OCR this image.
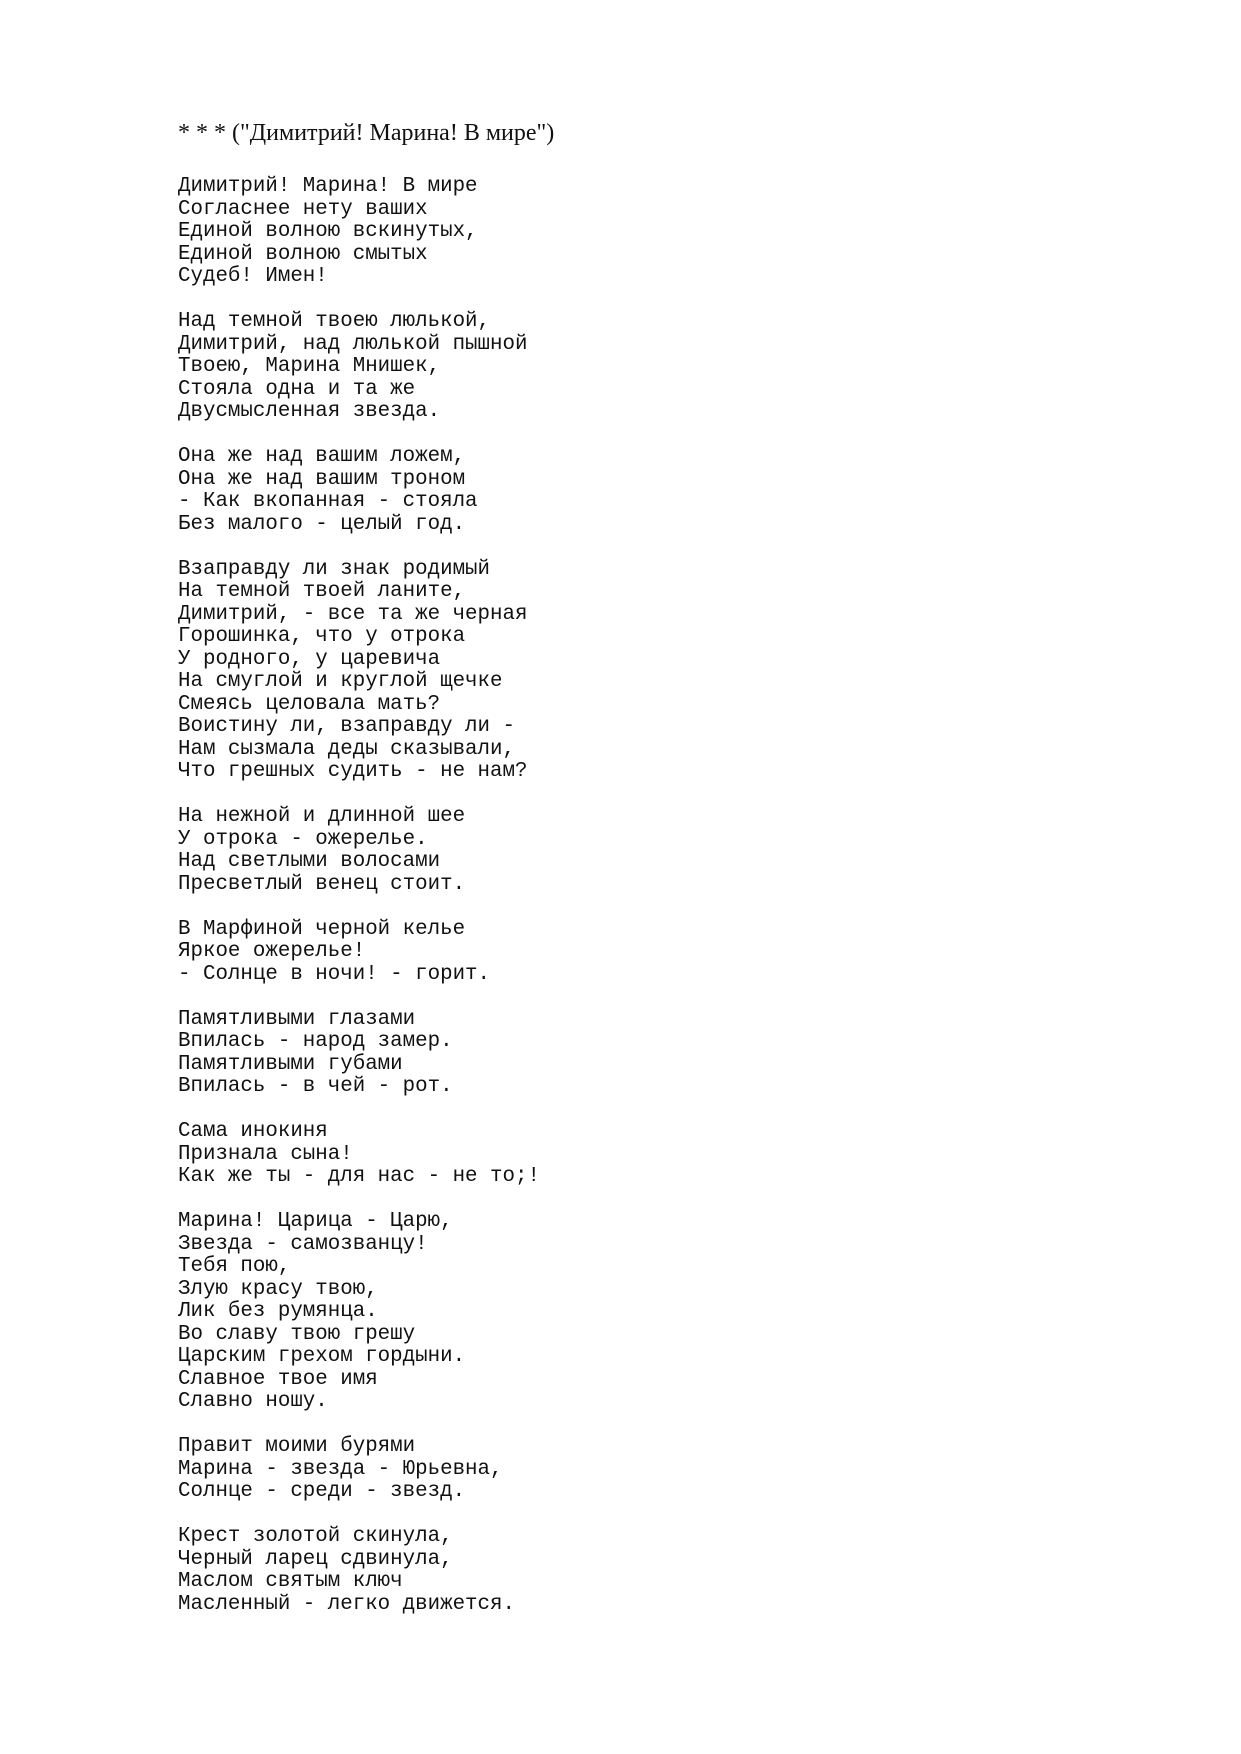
* * * ("Димитрий! Марина! В мире")
Димитрий! Марина! В мире
Согласнее нету ваших
Единой волною вскинутых,
Единой волною смытых
Судеб! Имен!
Над темной твоею люлькой,
Димитрий, над люлькой пышной
Твоею, Марина Мнишек,
Стояла одна и та же
Двусмысленная звезда.
Она же над вашим ложем,
Она же над вашим троном
- Как вкопанная - стояла
Без малого - целый год.
Взаправду ли знак родимый
На темной твоей ланите,
Димитрий, - все та же черная
Горошинка, что у отрока
У родного, у царевича
На смуглой и круглой щечке
Смеясь целовала мать?
Воистину ли, взаправду ли -
Нам сызмала деды сказывали,
Что грешных судить - не нам?
На нежной и длинной шее
У отрока - ожерелье.
Над светлыми волосами
Пресветлый венец стоит.
В Марфиной черной келье
Яркое ожерелье!
- Солнце в ночи! - горит.
Памятливыми глазами
Впилась - народ замер.
Памятливыми губами
Впилась - в чей - рот.
Сама инокиня
Признала сына!
Как же ты - для нас - не то;!
Марина! Царица - Царю,
Звезда - самозванцу!
Тебя пою,
Злую красу твою,
Лик без румянца.
Во славу твою грешу
Царским грехом гордыни.
Славное твое имя
Славно ношу.
Правит моими бурями
Марина - звезда - Юрьевна,
Солнце - среди - звезд.
Крест золотой скинула,
Черный ларец сдвинула,
Маслом святым ключ
Масленный - легко движется.
